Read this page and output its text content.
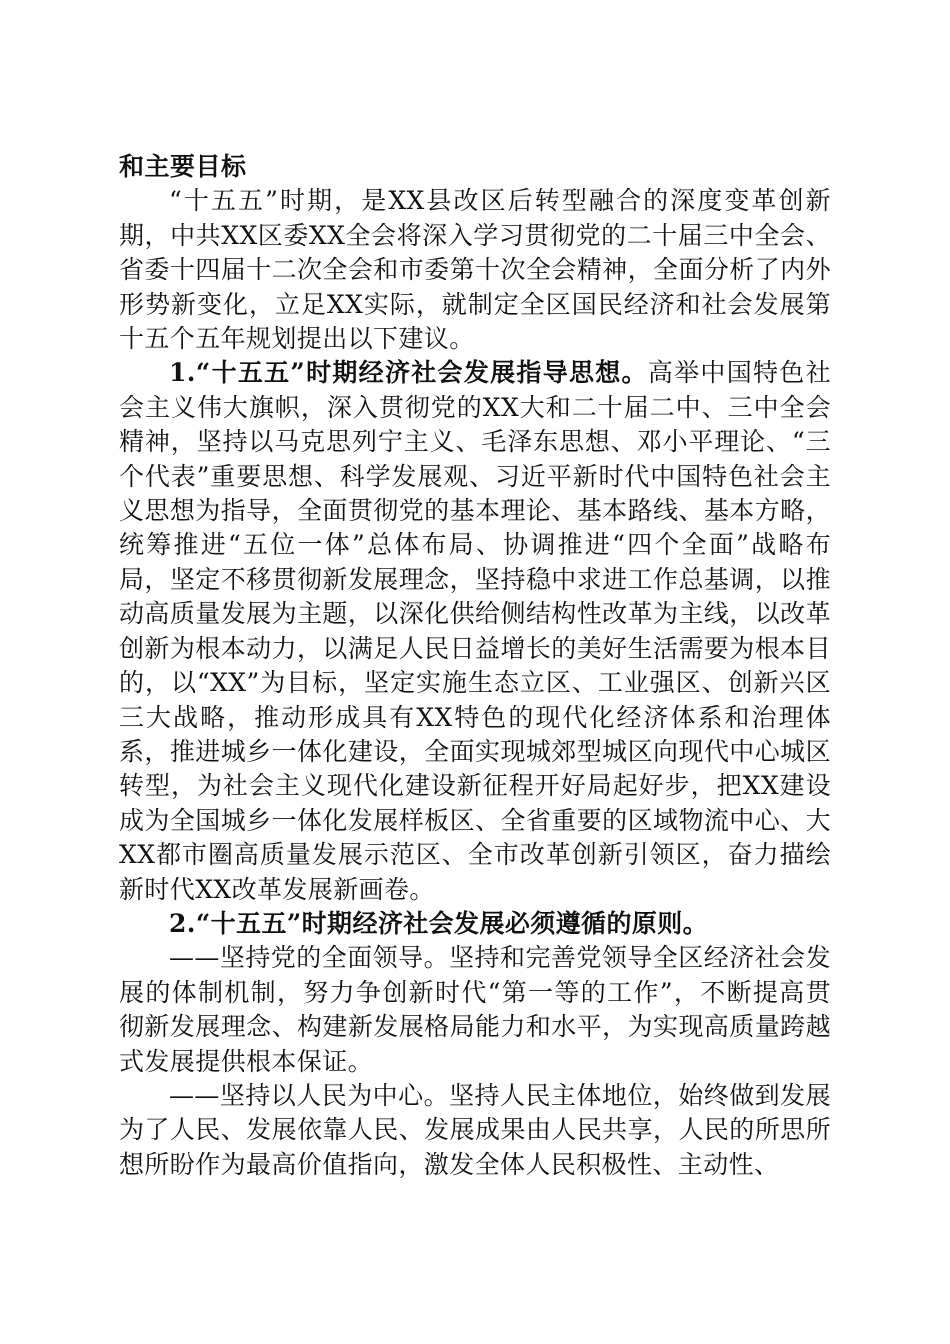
和主要目标

“十五五”时期，是XX县改区后转型融合的深度变革创新期，中共XX区委XX全会将深入学习贯彻党的二十届三中全会、省委十四届十二次全会和市委第十次全会精神，全面分析了内外形势新变化，立足XX实际，就制定全区国民经济和社会发展第十五个五年规划提出以下建议。

1.“十五五”时期经济社会发展指导思想。高举中国特色社会主义伟大旗帜，深入贯彻党的XX大和二十届二中、三中全会精神，坚持以马克思列宁主义、毛泽东思想、邓小平理论、“三个代表”重要思想、科学发展观、习近平新时代中国特色社会主义思想为指导，全面贯彻党的基本理论、基本路线、基本方略，统筹推进“五位一体”总体布局、协调推进“四个全面”战略布局，坚定不移贯彻新发展理念，坚持稳中求进工作总基调，以推动高质量发展为主题，以深化供给侧结构性改革为主线，以改革创新为根本动力，以满足人民日益增长的美好生活需要为根本目的，以“XX”为目标，坚定实施生态立区、工业强区、创新兴区三大战略，推动形成具有XX特色的现代化经济体系和治理体系，推进城乡一体化建设，全面实现城郊型城区向现代中心城区转型，为社会主义现代化建设新征程开好局起好步，把XX建设成为全国城乡一体化发展样板区、全省重要的区域物流中心、大XX都市圈高质量发展示范区、全市改革创新引领区，奋力描绘新时代XX改革发展新画卷。

2.“十五五”时期经济社会发展必须遵循的原则。

——坚持党的全面领导。坚持和完善党领导全区经济社会发展的体制机制，努力争创新时代“第一等的工作”，不断提高贯彻新发展理念、构建新发展格局能力和水平，为实现高质量跨越式发展提供根本保证。

——坚持以人民为中心。坚持人民主体地位，始终做到发展为了人民、发展依靠人民、发展成果由人民共享，人民的所思所想所盼作为最高价值指向，激发全体人民积极性、主动性、
